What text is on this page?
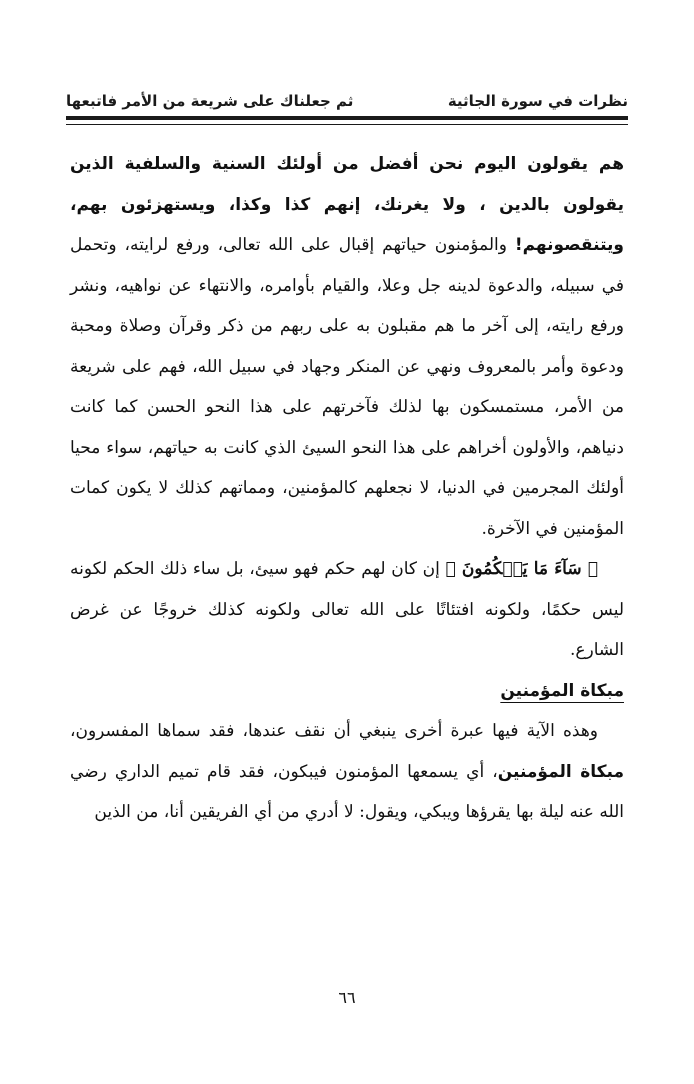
نظرات في سورة الجاثية
ثم جعلناك على شريعة من الأمر فاتبعها

هم يقولون اليوم نحن أفضل من أولئك السنية والسلفية الذين يقولون بالدين ، ولا يغرنك، إنهم كذا وكذا، ويستهزئون بهم، ويتنقصونهم! والمؤمنون حياتهم إقبال على الله تعالى، ورفع لرايته، وتحمل في سبيله، والدعوة لدينه جل وعلا، والقيام بأوامره، والانتهاء عن نواهيه، ونشر ورفع رايته، إلى آخر ما هم مقبلون به على ربهم من ذكر وقرآن وصلاة ومحبة ودعوة وأمر بالمعروف ونهي عن المنكر وجهاد في سبيل الله، فهم على شريعة من الأمر، مستمسكون بها لذلك فآخرتهم على هذا النحو الحسن كما كانت دنياهم، والأولون أخراهم على هذا النحو السيئ الذي كانت به حياتهم، سواء محيا أولئك المجرمين في الدنيا، لا نجعلهم كالمؤمنين، ومماتهم كذلك لا يكون كمات المؤمنين في الآخرة.

﴿ سَآءَ مَا يَحۡكُمُونَ ﴾ إن كان لهم حكم فهو سيئ، بل ساء ذلك الحكم لكونه ليس حكمًا، ولكونه افتئاتًا على الله تعالى ولكونه كذلك خروجًا عن غرض الشارع.

مبكاة المؤمنين

وهذه الآية فيها عبرة أخرى ينبغي أن نقف عندها، فقد سماها المفسرون، مبكاة المؤمنين، أي يسمعها المؤمنون فيبكون، فقد قام تميم الداري رضي الله عنه ليلة بها يقرؤها ويبكي، ويقول: لا أدري من أي الفريقين أنا، من الذين

٦٦
